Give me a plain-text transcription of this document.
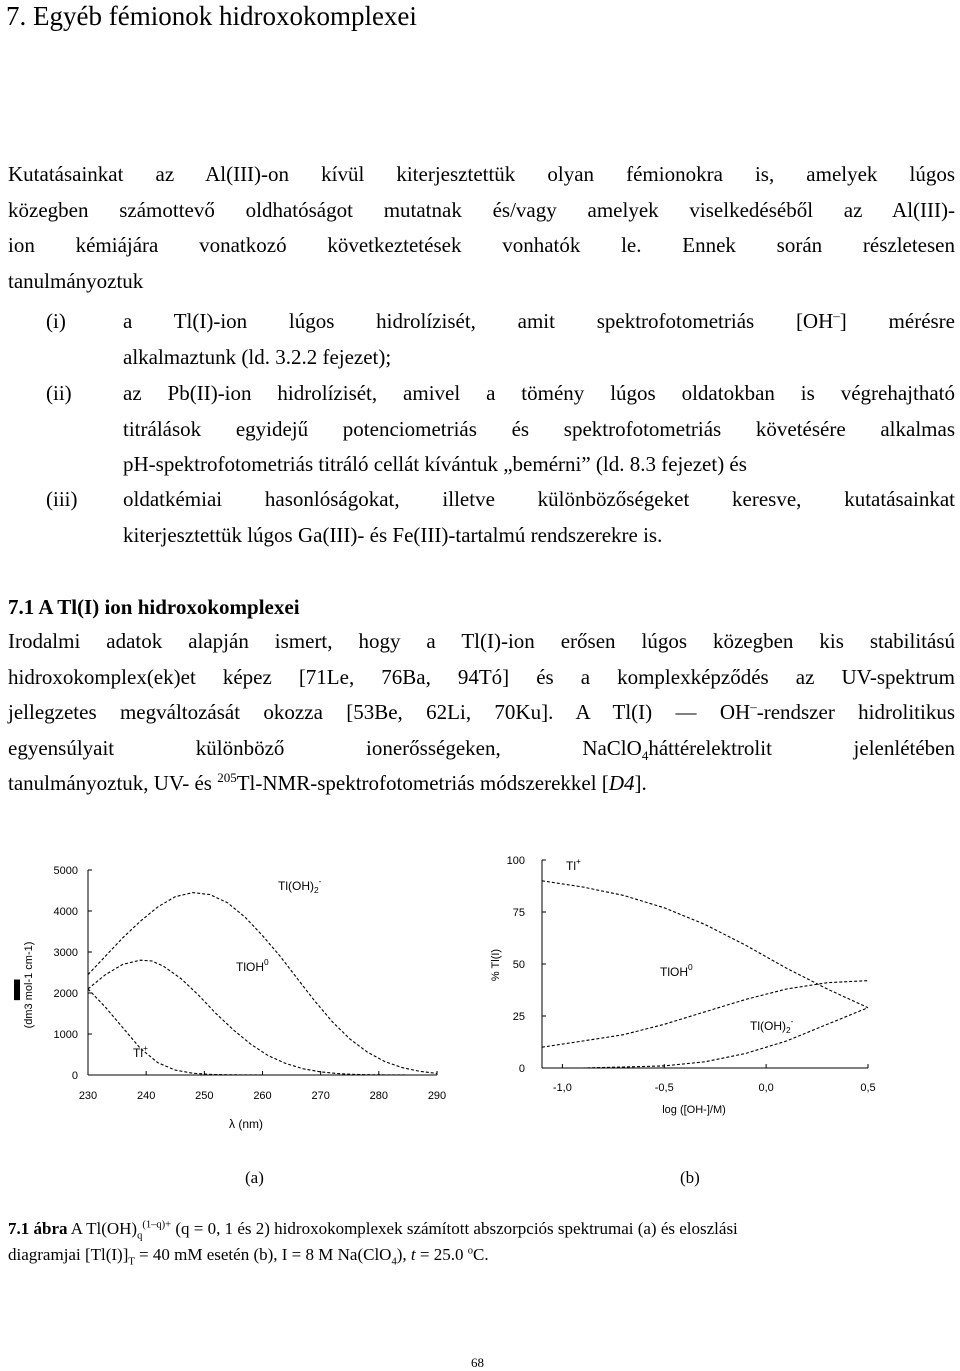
7. Egyéb fémionok hidroxokomplexei
Kutatásainkat az Al(III)-on kívül kiterjesztettük olyan fémionokra is, amelyek lúgos
közegben számottevő oldhatóságot mutatnak és/vagy amelyek viselkedéséből az Al(III)-
ion kémiájára vonatkozó következtetések vonhatók le. Ennek során részletesen
tanulmányoztuk
(i)	a Tl(I)-ion lúgos hidrolízisét, amit spektrofotometriás [OH–] mérésre
alkalmaztunk (ld. 3.2.2 fejezet);
(ii) az Pb(II)-ion hidrolízisét, amivel a tömény lúgos oldatokban is végrehajtható
titrálások egyidejű potenciometriás és spektrofotometriás követésére alkalmas
pH-spektrofotometriás titráló cellát kívántuk „bemérni” (ld. 8.3 fejezet) és
(iii) oldatkémiai hasonlóságokat, illetve különbözőségeket keresve, kutatásainkat
kiterjesztettük lúgos Ga(III)- és Fe(III)-tartalmú rendszerekre is.
7.1 A Tl(I) ion hidroxokomplexei
Irodalmi adatok alapján ismert, hogy a Tl(I)-ion erősen lúgos közegben kis stabilitású
hidroxokomplex(ek)et képez [71Le, 76Ba, 94Tó] és a komplexképződés az UV-spektrum
jellegzetes megváltozását okozza [53Be, 62Li, 70Ku]. A Tl(I) — OH–-rendszer hidrolitikus
egyensúlyait különböző ionerősségeken, NaClO$_4$háttérelektrolit jelenlétében
tanulmányoztuk, UV- és $^{205}$Tl-NMR-spektrofotometriás módszerekkel [D4].
0
1000
2000
3000
4000
5000
230	240	250	260	270	280	290
$Tl(OH)_2^-$
TlOH$^0$
Tl+
λ (nm)
▌
(dm3 mol-1 cm-1)
0
25
50
75
100
-1,0	-0,5	0,0	0,5
Tl+
TlOH$^0$
$Tl(OH)_2^-$
log ([OH-]/M)
% Tl(I)
(a)	(b)
7.1 ábra A $Tl(OH)_q^{(1-q)+}$ (q = 0, 1 és 2) hidroxokomplexek számított abszorpciós spektrumai (a) és eloszlási
diagramjai $[Tl(I)]_T = 40$ mM esetén (b), I = 8 M Na(ClO$_4$), t = 25.0 $^o$C.
68
